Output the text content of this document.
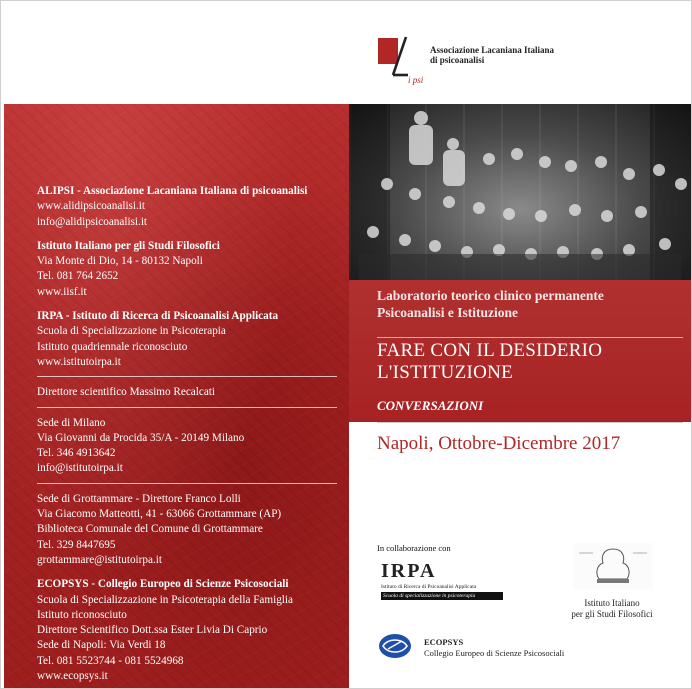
i psi
Associazione Lacaniana Italiana
di psicoanalisi
ALIPSI - Associazione Lacaniana Italiana di psicoanalisi
www.alidipsicoanalisi.it
info@alidipsicoanalisi.it
Istituto Italiano per gli Studi Filosofici
Via Monte di Dio, 14 - 80132 Napoli
Tel. 081 764 2652
www.iisf.it
IRPA - Istituto di Ricerca di Psicoanalisi Applicata
Scuola di Specializzazione in Psicoterapia
Istituto quadriennale riconosciuto
www.istitutoirpa.it
Direttore scientifico Massimo Recalcati
Sede di Milano
Via Giovanni da Procida 35/A - 20149 Milano
Tel. 346 4913642
info@istitutoirpa.it
Sede di Grottammare - Direttore Franco Lolli
Via Giacomo Matteotti, 41 - 63066 Grottammare (AP)
Biblioteca Comunale del Comune di Grottammare
Tel. 329 8447695
grottammare@istitutoirpa.it
ECOPSYS - Collegio Europeo di Scienze Psicosociali
Scuola di Specializzazione in Psicoterapia della Famiglia
Istituto riconosciuto
Direttore Scientifico Dott.ssa Ester Livia Di Caprio
Sede di Napoli: Via Verdi 18
Tel. 081 5523744 - 081 5524968
www.ecopsys.it
Laboratorio teorico clinico permanente
Psicoanalisi e Istituzione
FARE CON IL DESIDERIO
L'ISTITUZIONE
CONVERSAZIONI
Napoli, Ottobre-Dicembre 2017
In collaborazione con
IRPA
Istituto di Ricerca di Psicoanalisi Applicata
Scuola di specializzazione in psicoterapia
Istituto Italiano
per gli Studi Filosofici
ECOPSYS
Collegio Europeo di Scienze Psicosociali
